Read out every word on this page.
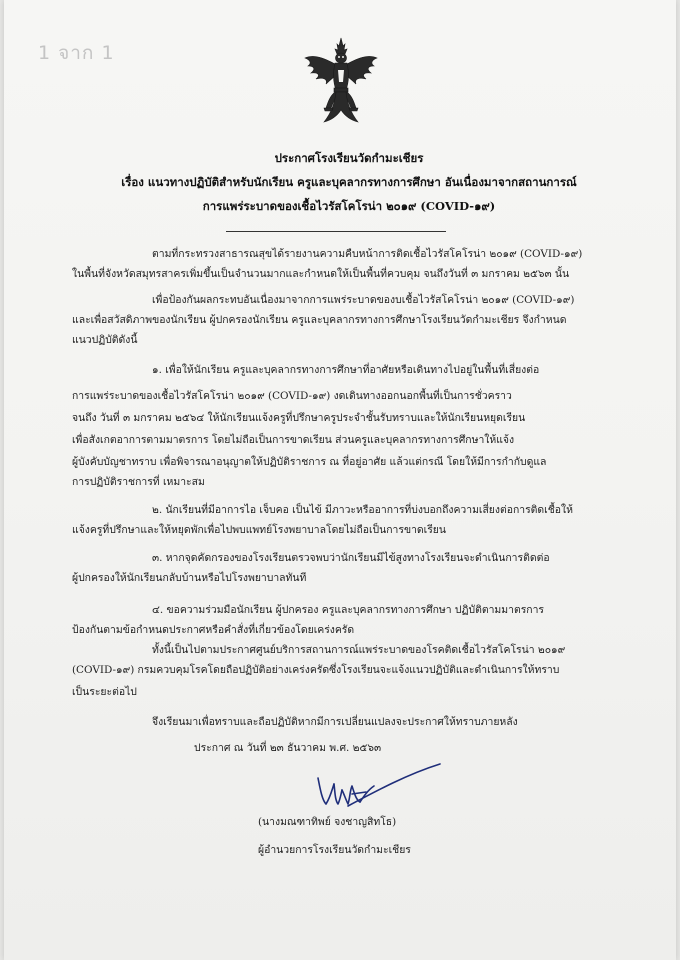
1 จาก 1
ประกาศโรงเรียนวัดกำมะเชียร
เรื่อง แนวทางปฏิบัติสำหรับนักเรียน ครูและบุคลากรทางการศึกษา อันเนื่องมาจากสถานการณ์
การแพร่ระบาดของเชื้อไวรัสโคโรน่า ๒๐๑๙ (COVID-๑๙)
ตามที่กระทรวงสาธารณสุขได้รายงานความคืบหน้าการติดเชื้อไวรัสโคโรน่า ๒๐๑๙ (COVID-๑๙)
ในพื้นที่จังหวัดสมุทรสาครเพิ่มขึ้นเป็นจำนวนมากและกำหนดให้เป็นพื้นที่ควบคุม จนถึงวันที่ ๓ มกราคม ๒๕๖๓ นั้น
เพื่อป้องกันผลกระทบอันเนื่องมาจากการแพร่ระบาดของบเชื้อไวรัสโคโรน่า ๒๐๑๙ (COVID-๑๙)
และเพื่อสวัสดิภาพของนักเรียน ผู้ปกครองนักเรียน ครูและบุคลากรทางการศึกษาโรงเรียนวัดกำมะเชียร จึงกำหนด
แนวปฏิบัติดังนี้
๑. เพื่อให้นักเรียน ครูและบุคลากรทางการศึกษาที่อาศัยหรือเดินทางไปอยู่ในพื้นที่เสี่ยงต่อ
การแพร่ระบาดของเชื้อไวรัสโคโรน่า ๒๐๑๙ (COVID-๑๙) งดเดินทางออกนอกพื้นที่เป็นการชั่วคราว
จนถึง วันที่ ๓ มกราคม ๒๕๖๔ ให้นักเรียนแจ้งครูที่ปรึกษาครูประจำชั้นรับทราบและให้นักเรียนหยุดเรียน
เพื่อสังเกตอาการตามมาตรการ โดยไม่ถือเป็นการขาดเรียน ส่วนครูและบุคลากรทางการศึกษาให้แจ้ง
ผู้บังคับบัญชาทราบ เพื่อพิจารณาอนุญาตให้ปฏิบัติราชการ ณ ที่อยู่อาศัย แล้วแต่กรณี โดยให้มีการกำกับดูแล
การปฏิบัติราชการที่ เหมาะสม
๒. นักเรียนที่มีอาการไอ เจ็บคอ เป็นไข้ มีภาวะหรืออาการที่บ่งบอกถึงความเสี่ยงต่อการติดเชื้อให้
แจ้งครูที่ปรึกษาและให้หยุดพักเพื่อไปพบแพทย์โรงพยาบาลโดยไม่ถือเป็นการขาดเรียน
๓. หากจุดคัดกรองของโรงเรียนตรวจพบว่านักเรียนมีไข้สูงทางโรงเรียนจะดำเนินการติดต่อ
ผู้ปกครองให้นักเรียนกลับบ้านหรือไปโรงพยาบาลทันที
๔. ขอความร่วมมือนักเรียน ผู้ปกครอง ครูและบุคลากรทางการศึกษา ปฏิบัติตามมาตรการ
ป้องกันตามข้อกำหนดประกาศหรือคำสั่งที่เกี่ยวข้องโดยเคร่งครัด
ทั้งนี้เป็นไปตามประกาศศูนย์บริการสถานการณ์แพร่ระบาดของโรคติดเชื้อไวรัสโคโรน่า ๒๐๑๙
(COVID-๑๙) กรมควบคุมโรคโดยถือปฏิบัติอย่างเคร่งครัดซึ่งโรงเรียนจะแจ้งแนวปฏิบัติและดำเนินการให้ทราบ
เป็นระยะต่อไป
จึงเรียนมาเพื่อทราบและถือปฏิบัติหากมีการเปลี่ยนแปลงจะประกาศให้ทราบภายหลัง
ประกาศ ณ วันที่ ๒๓ ธันวาคม พ.ศ. ๒๕๖๓
(นางมณฑาทิพย์ จงชาญสิทโธ)
ผู้อำนวยการโรงเรียนวัดกำมะเชียร
